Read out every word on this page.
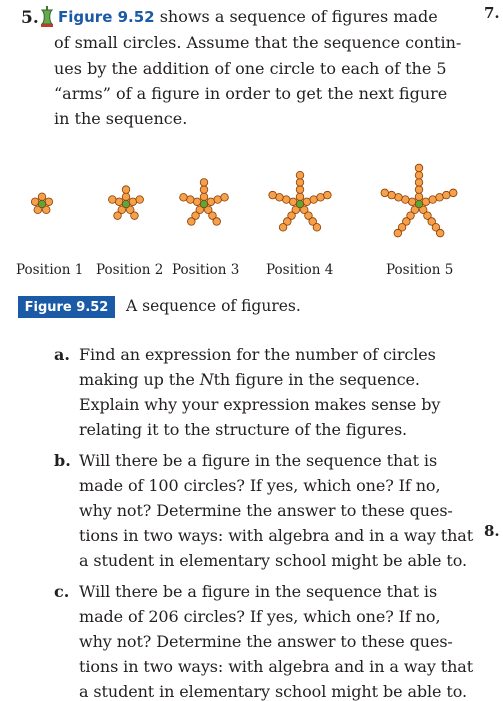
7.
8.
5. Figure 9.52 shows a sequence of figures made
of small circles. Assume that the sequence contin-
ues by the addition of one circle to each of the 5
“arms” of a figure in order to get the next figure
in the sequence.
Position 1 Position 2 Position 3 Position 4	Position 5
Figure 9.52	A sequence of figures.
a. Find an expression for the number of circles
making up the Nth figure in the sequence.
Explain why your expression makes sense by
relating it to the structure of the figures.
b. Will there be a figure in the sequence that is
made of 100 circles? If yes, which one? If no,
why not? Determine the answer to these ques-
tions in two ways: with algebra and in a way that
a student in elementary school might be able to.
c. Will there be a figure in the sequence that is
made of 206 circles? If yes, which one? If no,
why not? Determine the answer to these ques-
tions in two ways: with algebra and in a way that
a student in elementary school might be able to.
